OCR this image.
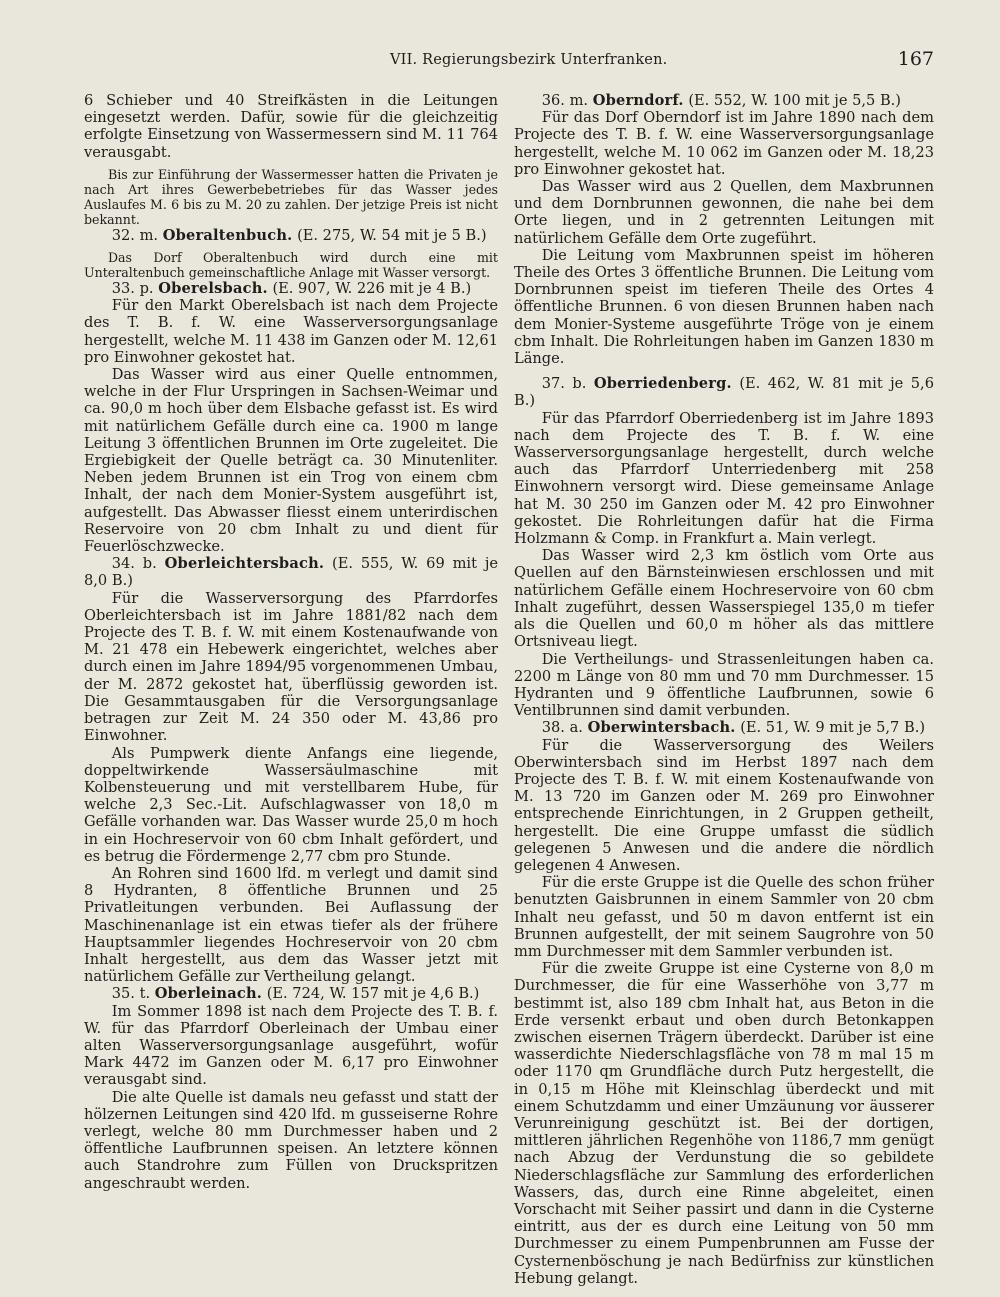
VII. Regierungsbezirk Unterfranken.	167

6 Schieber und 40 Streifkästen in die Leitungen eingesetzt werden. Dafür, sowie für die gleichzeitig erfolgte Einsetzung von Wassermessern sind M. 11 764 verausgabt.

Bis zur Einführung der Wassermesser hatten die Privaten je nach Art ihres Gewerbebetriebes für das Wasser jedes Auslaufes M. 6 bis zu M. 20 zu zahlen. Der jetzige Preis ist nicht bekannt.

32. m. Oberaltenbuch. (E. 275, W. 54 mit je 5 B.)

Das Dorf Oberaltenbuch wird durch eine mit Unteraltenbuch gemeinschaftliche Anlage mit Wasser versorgt.

33. p. Oberelsbach. (E. 907, W. 226 mit je 4 B.)

Für den Markt Oberelsbach ist nach dem Projecte des T. B. f. W. eine Wasserversorgungsanlage hergestellt, welche M. 11 438 im Ganzen oder M. 12,61 pro Einwohner gekostet hat.

Das Wasser wird aus einer Quelle entnommen, welche in der Flur Urspringen in Sachsen-Weimar und ca. 90,0 m hoch über dem Elsbache gefasst ist. Es wird mit natürlichem Gefälle durch eine ca. 1900 m lange Leitung 3 öffentlichen Brunnen im Orte zugeleitet. Die Ergiebigkeit der Quelle beträgt ca. 30 Minutenliter. Neben jedem Brunnen ist ein Trog von einem cbm Inhalt, der nach dem Monier-System ausgeführt ist, aufgestellt. Das Abwasser fliesst einem unterirdischen Reservoire von 20 cbm Inhalt zu und dient für Feuerlöschzwecke.

34. b. Oberleichtersbach. (E. 555, W. 69 mit je 8,0 B.)

Für die Wasserversorgung des Pfarrdorfes Oberleichtersbach ist im Jahre 1881/82 nach dem Projecte des T. B. f. W. mit einem Kostenaufwande von M. 21 478 ein Hebewerk eingerichtet, welches aber durch einen im Jahre 1894/95 vorgenommenen Umbau, der M. 2872 gekostet hat, überflüssig geworden ist. Die Gesammtausgaben für die Versorgungsanlage betragen zur Zeit M. 24 350 oder M. 43,86 pro Einwohner.

Als Pumpwerk diente Anfangs eine liegende, doppeltwirkende Wassersäulmaschine mit Kolbensteuerung und mit verstellbarem Hube, für welche 2,3 Sec.-Lit. Aufschlagwasser von 18,0 m Gefälle vorhanden war. Das Wasser wurde 25,0 m hoch in ein Hochreservoir von 60 cbm Inhalt gefördert, und es betrug die Fördermenge 2,77 cbm pro Stunde.

An Rohren sind 1600 lfd. m verlegt und damit sind 8 Hydranten, 8 öffentliche Brunnen und 25 Privatleitungen verbunden. Bei Auflassung der Maschinenanlage ist ein etwas tiefer als der frühere Hauptsammler liegendes Hochreservoir von 20 cbm Inhalt hergestellt, aus dem das Wasser jetzt mit natürlichem Gefälle zur Vertheilung gelangt.

35. t. Oberleinach. (E. 724, W. 157 mit je 4,6 B.)

Im Sommer 1898 ist nach dem Projecte des T. B. f. W. für das Pfarrdorf Oberleinach der Umbau einer alten Wasserversorgungsanlage ausgeführt, wofür Mark 4472 im Ganzen oder M. 6,17 pro Einwohner verausgabt sind.

Die alte Quelle ist damals neu gefasst und statt der hölzernen Leitungen sind 420 lfd. m gusseiserne Rohre verlegt, welche 80 mm Durchmesser haben und 2 öffentliche Laufbrunnen speisen. An letztere können auch Standrohre zum Füllen von Druckspritzen angeschraubt werden.

36. m. Oberndorf. (E. 552, W. 100 mit je 5,5 B.)

Für das Dorf Oberndorf ist im Jahre 1890 nach dem Projecte des T. B. f. W. eine Wasserversorgungsanlage hergestellt, welche M. 10 062 im Ganzen oder M. 18,23 pro Einwohner gekostet hat.

Das Wasser wird aus 2 Quellen, dem Maxbrunnen und dem Dornbrunnen gewonnen, die nahe bei dem Orte liegen, und in 2 getrennten Leitungen mit natürlichem Gefälle dem Orte zugeführt.

Die Leitung vom Maxbrunnen speist im höheren Theile des Ortes 3 öffentliche Brunnen. Die Leitung vom Dornbrunnen speist im tieferen Theile des Ortes 4 öffentliche Brunnen. 6 von diesen Brunnen haben nach dem Monier-Systeme ausgeführte Tröge von je einem cbm Inhalt. Die Rohrleitungen haben im Ganzen 1830 m Länge.

37. b. Oberriedenberg. (E. 462, W. 81 mit je 5,6 B.)

Für das Pfarrdorf Oberriedenberg ist im Jahre 1893 nach dem Projecte des T. B. f. W. eine Wasserversorgungsanlage hergestellt, durch welche auch das Pfarrdorf Unterriedenberg mit 258 Einwohnern versorgt wird. Diese gemeinsame Anlage hat M. 30 250 im Ganzen oder M. 42 pro Einwohner gekostet. Die Rohrleitungen dafür hat die Firma Holzmann & Comp. in Frankfurt a. Main verlegt.

Das Wasser wird 2,3 km östlich vom Orte aus Quellen auf den Bärnsteinwiesen erschlossen und mit natürlichem Gefälle einem Hochreservoire von 60 cbm Inhalt zugeführt, dessen Wasserspiegel 135,0 m tiefer als die Quellen und 60,0 m höher als das mittlere Ortsniveau liegt.

Die Vertheilungs- und Strassenleitungen haben ca. 2200 m Länge von 80 mm und 70 mm Durchmesser. 15 Hydranten und 9 öffentliche Laufbrunnen, sowie 6 Ventilbrunnen sind damit verbunden.

38. a. Oberwintersbach. (E. 51, W. 9 mit je 5,7 B.)

Für die Wasserversorgung des Weilers Oberwintersbach sind im Herbst 1897 nach dem Projecte des T. B. f. W. mit einem Kostenaufwande von M. 13 720 im Ganzen oder M. 269 pro Einwohner entsprechende Einrichtungen, in 2 Gruppen getheilt, hergestellt. Die eine Gruppe umfasst die südlich gelegenen 5 Anwesen und die andere die nördlich gelegenen 4 Anwesen.

Für die erste Gruppe ist die Quelle des schon früher benutzten Gaisbrunnen in einem Sammler von 20 cbm Inhalt neu gefasst, und 50 m davon entfernt ist ein Brunnen aufgestellt, der mit seinem Saugrohre von 50 mm Durchmesser mit dem Sammler verbunden ist.

Für die zweite Gruppe ist eine Cysterne von 8,0 m Durchmesser, die für eine Wasserhöhe von 3,77 m bestimmt ist, also 189 cbm Inhalt hat, aus Beton in die Erde versenkt erbaut und oben durch Betonkappen zwischen eisernen Trägern überdeckt. Darüber ist eine wasserdichte Niederschlagsfläche von 78 m mal 15 m oder 1170 qm Grundfläche durch Putz hergestellt, die in 0,15 m Höhe mit Kleinschlag überdeckt und mit einem Schutzdamm und einer Umzäunung vor äusserer Verunreinigung geschützt ist. Bei der dortigen, mittleren jährlichen Regenhöhe von 1186,7 mm genügt nach Abzug der Verdunstung die so gebildete Niederschlagsfläche zur Sammlung des erforderlichen Wassers, das, durch eine Rinne abgeleitet, einen Vorschacht mit Seiher passirt und dann in die Cysterne eintritt, aus der es durch eine Leitung von 50 mm Durchmesser zu einem Pumpenbrunnen am Fusse der Cysternenböschung je nach Bedürfniss zur künstlichen Hebung gelangt.
